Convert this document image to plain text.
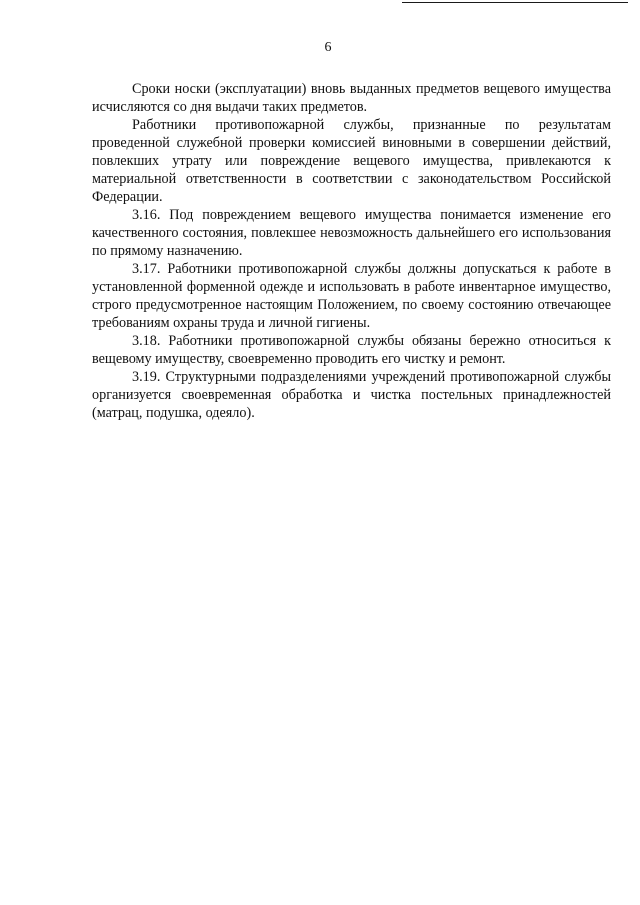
6

Сроки носки (эксплуатации) вновь выданных предметов вещевого имущества исчисляются со дня выдачи таких предметов.

Работники противопожарной службы, признанные по результатам проведенной служебной проверки комиссией виновными в совершении действий, повлекших утрату или повреждение вещевого имущества, привлекаются к материальной ответственности в соответствии с законодательством Российской Федерации.

3.16. Под повреждением вещевого имущества понимается изменение его качественного состояния, повлекшее невозможность дальнейшего его использования по прямому назначению.

3.17. Работники противопожарной службы должны допускаться к работе в установленной форменной одежде и использовать в работе инвентарное имущество, строго предусмотренное настоящим Положением, по своему состоянию отвечающее требованиям охраны труда и личной гигиены.

3.18. Работники противопожарной службы обязаны бережно относиться к вещевому имуществу, своевременно проводить его чистку и ремонт.

3.19. Структурными подразделениями учреждений противопожарной службы организуется своевременная обработка и чистка постельных принадлежностей (матрац, подушка, одеяло).
